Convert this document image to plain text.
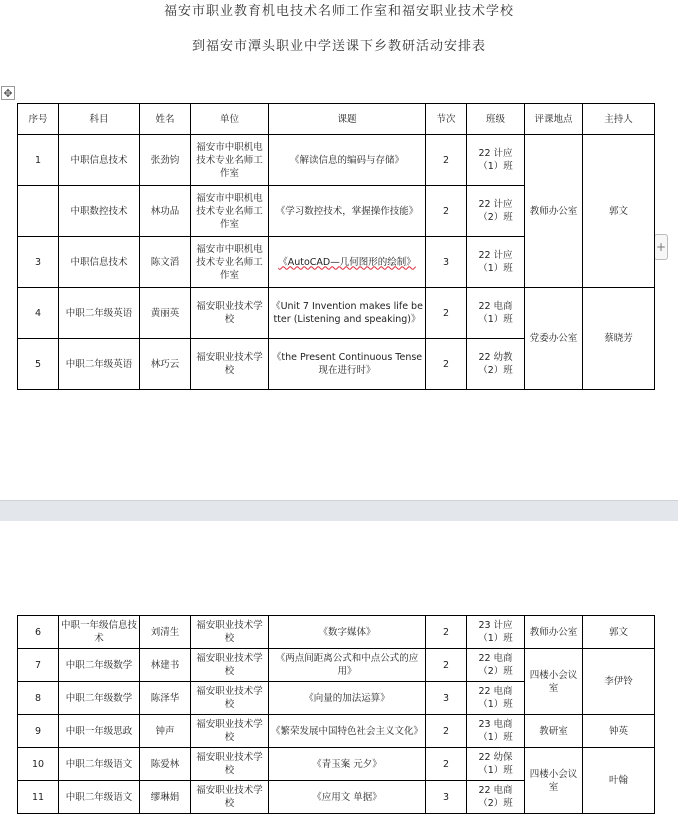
福安市职业教育机电技术名师工作室和福安职业技术学校
到福安市潭头职业中学送课下乡教研活动安排表
✥
+
序号	科目	姓名	单位	课题	节次	班级	评课地点	主持人
1	中职信息技术	张劲钧	福安市中职机电技术专业名师工作室	《解读信息的编码与存储》	2	22 计应（1）班	教师办公室	郭文
	中职数控技术	林功品	福安市中职机电技术专业名师工作室	《学习数控技术，掌握操作技能》	2	22 计应（2）班		
3	中职信息技术	陈文滔	福安市中职机电技术专业名师工作室	《AutoCAD—几何图形的绘制》	3	22 计应（1）班		
4	中职二年级英语	黄丽英	福安职业技术学校	《Unit 7 Invention makes life better (Listening and speaking)》	2	22 电商（1）班	党委办公室	蔡晓芳
5	中职二年级英语	林巧云	福安职业技术学校	《the Present Continuous Tense 现在进行时》	2	22 幼教（2）班		
6	中职一年级信息技术	刘清生	福安职业技术学校	《数字媒体》	2	23 计应（1）班	教师办公室	郭文
7	中职二年级数学	林建书	福安职业技术学校	《两点间距离公式和中点公式的应用》	2	22 电商（2）班	四楼小会议室	李伊铃
8	中职二年级数学	陈泽华	福安职业技术学校	《向量的加法运算》	3	22 电商（1）班		
9	中职一年级思政	钟声	福安职业技术学校	《繁荣发展中国特色社会主义文化》	2	23 电商（1）班	教研室	钟英
10	中职二年级语文	陈爱林	福安职业技术学校	《青玉案 元夕》	2	22 幼保（1）班	四楼小会议室	叶翰
11	中职二年级语文	缪琳娟	福安职业技术学校	《应用文 单据》	3	22 电商（2）班		
